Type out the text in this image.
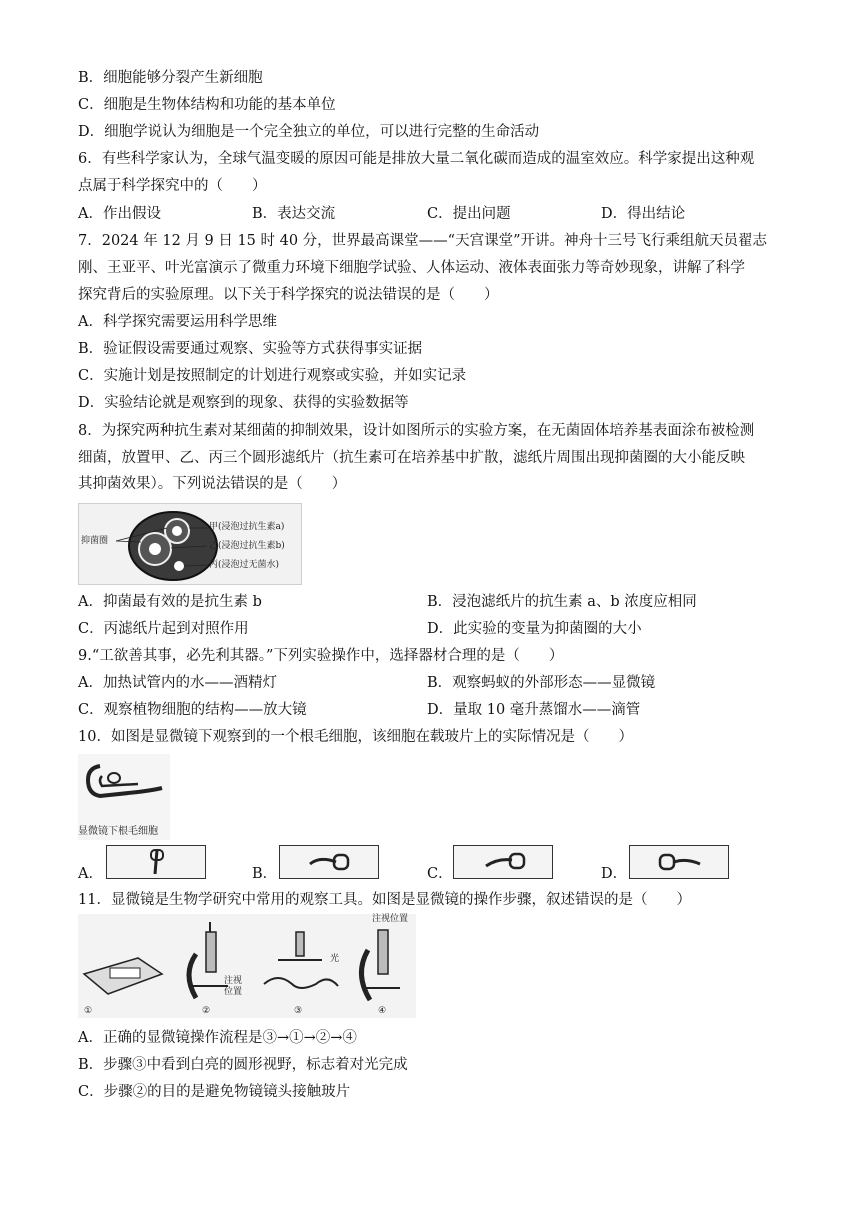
B．细胞能够分裂产生新细胞
C．细胞是生物体结构和功能的基本单位
D．细胞学说认为细胞是一个完全独立的单位，可以进行完整的生命活动
6．有些科学家认为，全球气温变暖的原因可能是排放大量二氧化碳而造成的温室效应。科学家提出这种观
点属于科学探究中的（　　）
A．作出假设	B．表达交流	C．提出问题	D．得出结论
7．2024 年 12 月 9 日 15 时 40 分，世界最高课堂——“天宫课堂”开讲。神舟十三号飞行乘组航天员翟志
刚、王亚平、叶光富演示了微重力环境下细胞学试验、人体运动、液体表面张力等奇妙现象，讲解了科学
探究背后的实验原理。以下关于科学探究的说法错误的是（　　）
A．科学探究需要运用科学思维
B．验证假设需要通过观察、实验等方式获得事实证据
C．实施计划是按照制定的计划进行观察或实验，并如实记录
D．实验结论就是观察到的现象、获得的实验数据等
8．为探究两种抗生素对某细菌的抑制效果，设计如图所示的实验方案，在无菌固体培养基表面涂布被检测
细菌，放置甲、乙、丙三个圆形滤纸片（抗生素可在培养基中扩散，滤纸片周围出现抑菌圈的大小能反映
其抑菌效果）。下列说法错误的是（　　）
抑菌圈
甲(浸泡过抗生素a)
乙(浸泡过抗生素b)
丙(浸泡过无菌水)
A．抑菌最有效的是抗生素 b	B．浸泡滤纸片的抗生素 a、b 浓度应相同
C．丙滤纸片起到对照作用	D．此实验的变量为抑菌圈的大小
9.“工欲善其事，必先利其器。”下列实验操作中，选择器材合理的是（　　）
A．加热试管内的水——酒精灯	B．观察蚂蚁的外部形态——显微镜
C．观察植物细胞的结构——放大镜	D．量取 10 毫升蒸馏水——滴管
10．如图是显微镜下观察到的一个根毛细胞，该细胞在载玻片上的实际情况是（　　）
显微镜下根毛细胞
A．	B．	C．	D．
11．显微镜是生物学研究中常用的观察工具。如图是显微镜的操作步骤，叙述错误的是（　　）
①	②	③	④
注视位置
光
注视位置
A．正确的显微镜操作流程是③→①→②→④
B．步骤③中看到白亮的圆形视野，标志着对光完成
C．步骤②的目的是避免物镜镜头接触玻片
